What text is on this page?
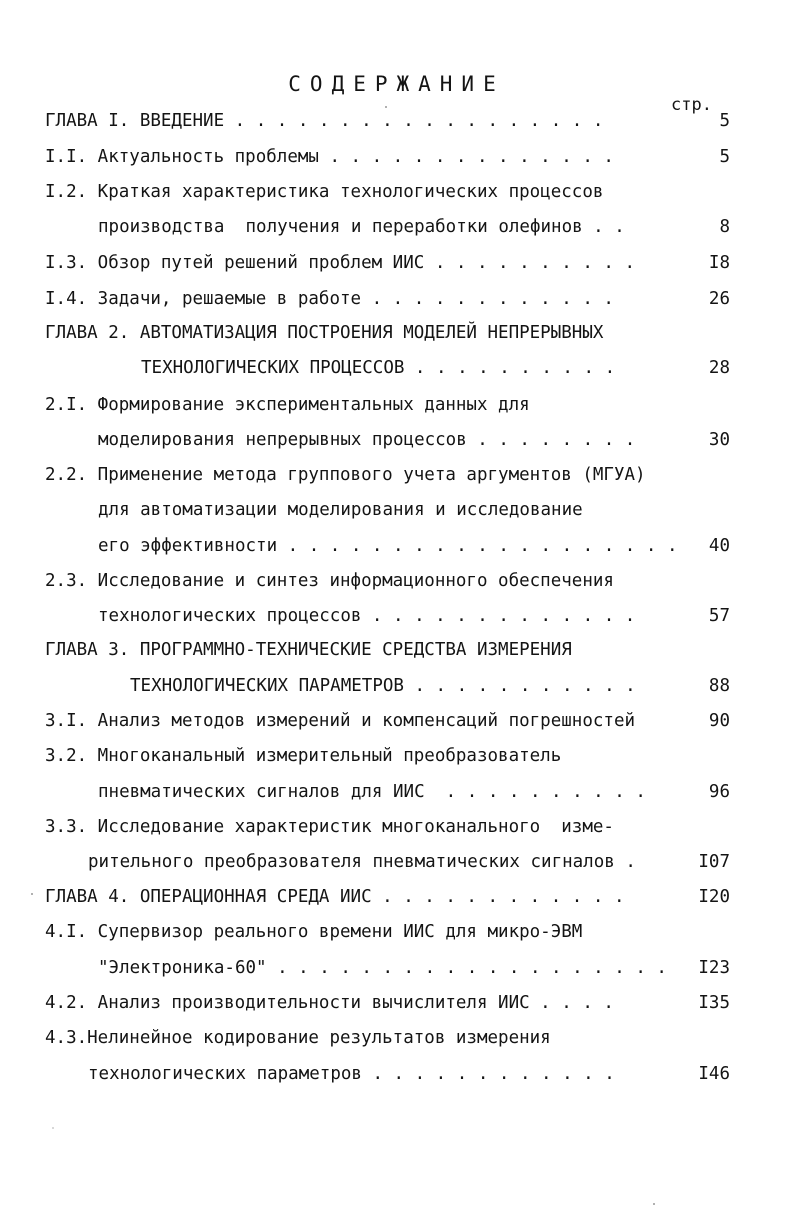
СОДЕРЖАНИЕ
стр.
ГЛАВА I. ВВЕДЕНИЕ . . . . . . . . . . . . . . . . . .	5
I.I. Актуальность проблемы . . . . . . . . . . . . . .	5
I.2. Краткая характеристика технологических процессов
производства  получения и переработки олефинов . .	8
I.3. Обзор путей решений проблем ИИС . . . . . . . . . .	I8
I.4. Задачи, решаемые в работе . . . . . . . . . . . .	26
ГЛАВА 2. АВТОМАТИЗАЦИЯ ПОСТРОЕНИЯ МОДЕЛЕЙ НЕПРЕРЫВНЫХ
ТЕХНОЛОГИЧЕСКИХ ПРОЦЕССОВ . . . . . . . . . .	28
2.I. Формирование экспериментальных данных для
моделирования непрерывных процессов . . . . . . . .	30
2.2. Применение метода группового учета аргументов (МГУА)
для автоматизации моделирования и исследование
его эффективности . . . . . . . . . . . . . . . . . . .	40
2.3. Исследование и синтез информационного обеспечения
технологических процессов . . . . . . . . . . . . .	57
ГЛАВА 3. ПРОГРАММНО-ТЕХНИЧЕСКИЕ СРЕДСТВА ИЗМЕРЕНИЯ
ТЕХНОЛОГИЧЕСКИХ ПАРАМЕТРОВ . . . . . . . . . . .	88
3.I. Анализ методов измерений и компенсаций погрешностей	90
3.2. Многоканальный измерительный преобразователь
пневматических сигналов для ИИС  . . . . . . . . . .	96
3.3. Исследование характеристик многоканального  изме-
рительного преобразователя пневматических сигналов .	I07
ГЛАВА 4. ОПЕРАЦИОННАЯ СРЕДА ИИС . . . . . . . . . . . .	I20
4.I. Супервизор реального времени ИИС для микро-ЭВМ
"Электроника-60" . . . . . . . . . . . . . . . . . . .	I23
4.2. Анализ производительности вычислителя ИИС . . . .	I35
4.3.Нелинейное кодирование результатов измерения
технологических параметров . . . . . . . . . . . .	I46
